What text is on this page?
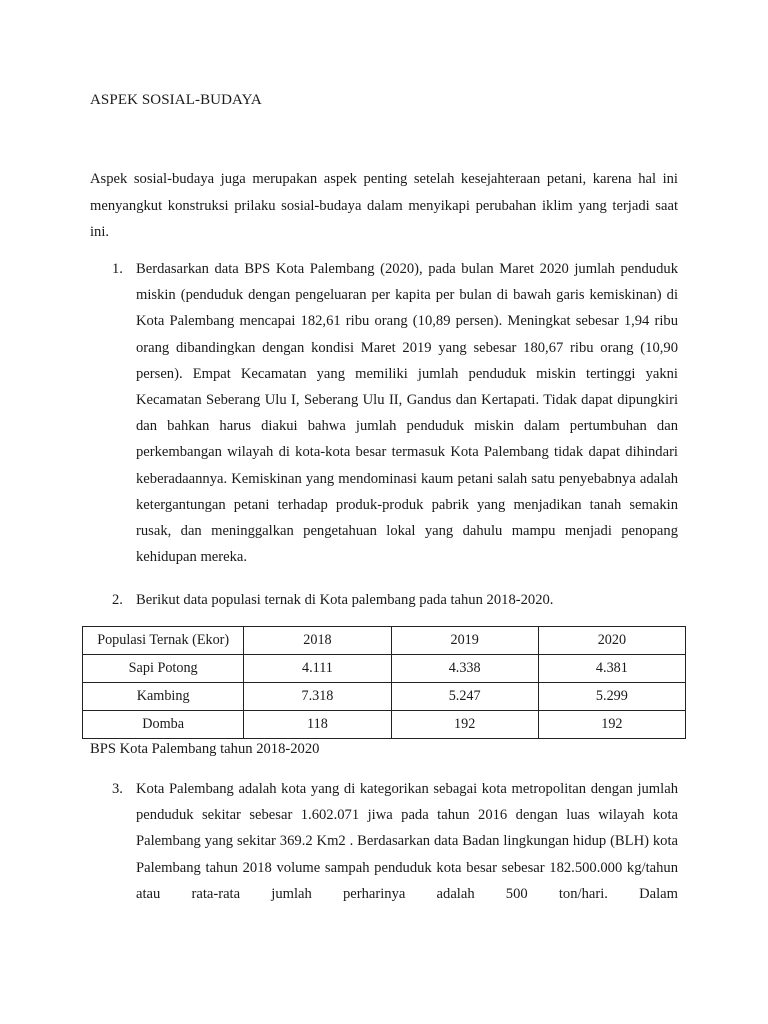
ASPEK SOSIAL-BUDAYA
Aspek sosial-budaya juga merupakan aspek penting setelah kesejahteraan petani, karena hal ini menyangkut konstruksi prilaku sosial-budaya dalam menyikapi perubahan iklim yang terjadi saat ini.
1. Berdasarkan data BPS Kota Palembang (2020), pada bulan Maret 2020 jumlah penduduk miskin (penduduk dengan pengeluaran per kapita per bulan di bawah garis kemiskinan) di Kota Palembang mencapai 182,61 ribu orang (10,89 persen). Meningkat sebesar 1,94 ribu orang dibandingkan dengan kondisi Maret 2019 yang sebesar 180,67 ribu orang (10,90 persen). Empat Kecamatan yang memiliki jumlah penduduk miskin tertinggi yakni Kecamatan Seberang Ulu I, Seberang Ulu II, Gandus dan Kertapati. Tidak dapat dipungkiri dan bahkan harus diakui bahwa jumlah penduduk miskin dalam pertumbuhan dan perkembangan wilayah di kota-kota besar termasuk Kota Palembang tidak dapat dihindari keberadaannya. Kemiskinan yang mendominasi kaum petani salah satu penyebabnya adalah ketergantungan petani terhadap produk-produk pabrik yang menjadikan tanah semakin rusak, dan meninggalkan pengetahuan lokal yang dahulu mampu menjadi penopang kehidupan mereka.
2. Berikut data populasi ternak di Kota palembang pada tahun 2018-2020.
Populasi Ternak (Ekor)	2018	2019	2020
Sapi Potong	4.111	4.338	4.381
Kambing	7.318	5.247	5.299
Domba	118	192	192
BPS Kota Palembang tahun 2018-2020
3. Kota Palembang adalah kota yang di kategorikan sebagai kota metropolitan dengan jumlah penduduk sekitar sebesar 1.602.071 jiwa pada tahun 2016 dengan luas wilayah kota Palembang yang sekitar 369.2 Km2 . Berdasarkan data Badan lingkungan hidup (BLH) kota Palembang tahun 2018 volume sampah penduduk kota besar sebesar 182.500.000 kg/tahun atau rata-rata jumlah perharinya adalah 500 ton/hari. Dalam
